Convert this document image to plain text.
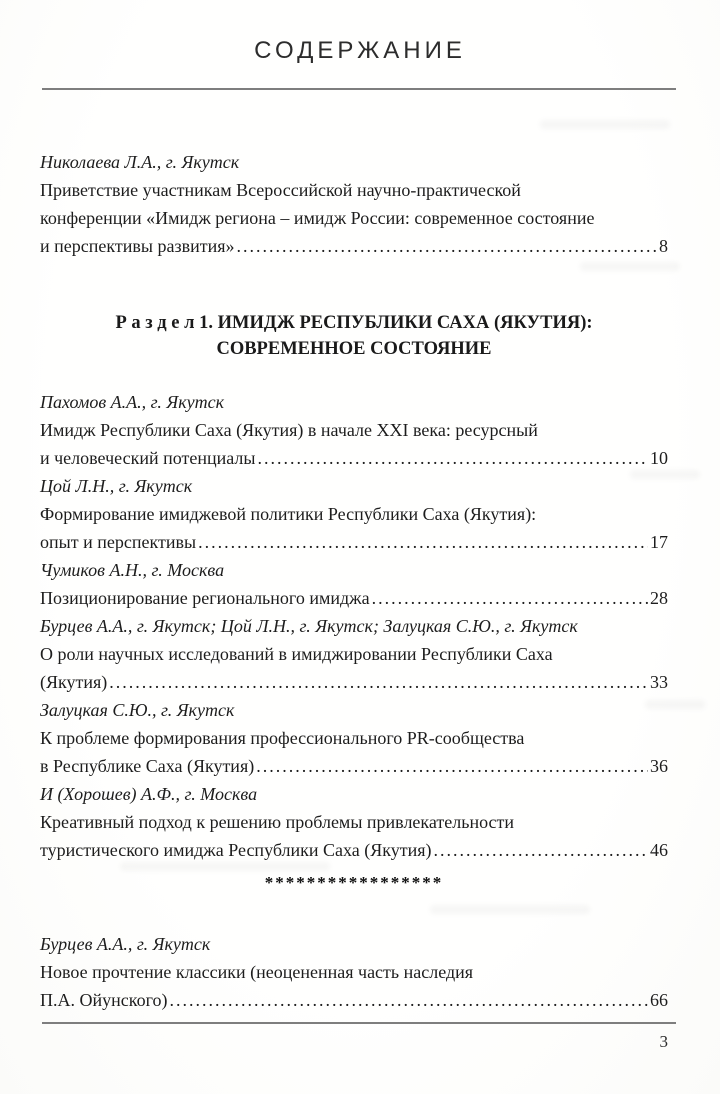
СОДЕРЖАНИЕ
Николаева Л.А., г. Якутск
Приветствие участникам Всероссийской научно-практической
конференции «Имидж региона – имидж России: современное состояние
и перспективы развития» .....	8
Р а з д е л 1. ИМИДЖ РЕСПУБЛИКИ САХА (ЯКУТИЯ):
СОВРЕМЕННОЕ СОСТОЯНИЕ
Пахомов А.А., г. Якутск
Имидж Республики Саха (Якутия) в начале XXI века: ресурсный
и человеческий потенциалы .....	10
Цой Л.Н., г. Якутск
Формирование имиджевой политики Республики Саха (Якутия):
опыт и перспективы .....	17
Чумиков А.Н., г. Москва
Позиционирование регионального имиджа .....	28
Бурцев А.А., г. Якутск; Цой Л.Н., г. Якутск; Залуцкая С.Ю., г. Якутск
О роли научных исследований в имиджировании Республики Саха
(Якутия) .....	33
Залуцкая С.Ю., г. Якутск
К проблеме формирования профессионального PR-сообщества
в Республике Саха (Якутия) .....	36
И (Хорошев) А.Ф., г. Москва
Креативный подход к решению проблемы привлекательности
туристического имиджа Республики Саха (Якутия) .....	46
*****************
Бурцев А.А., г. Якутск
Новое прочтение классики (неоцененная часть наследия
П.А. Ойунского) .....	66
3
